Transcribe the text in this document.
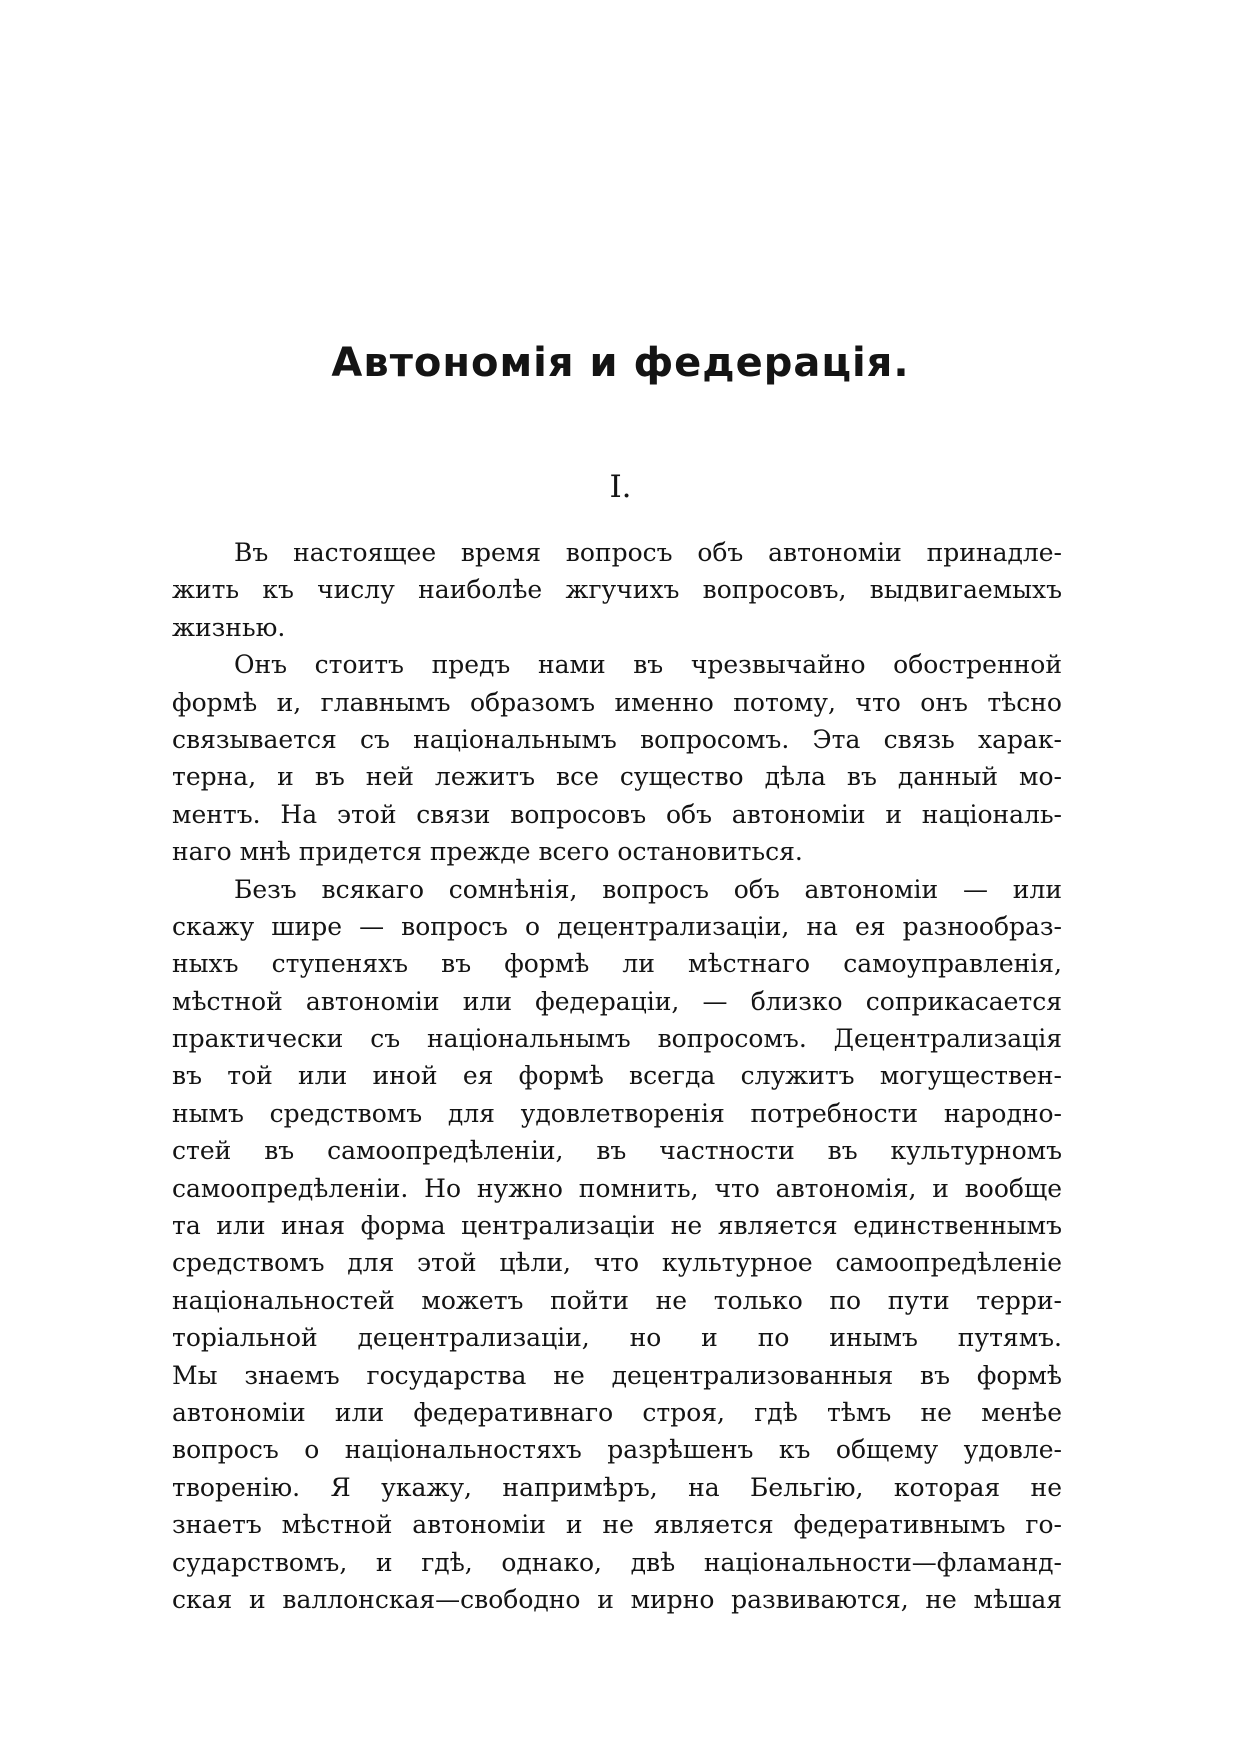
Автономія и федерація.
I.
Въ настоящее время вопросъ объ автономіи принадле-
жить къ числу наиболѣе жгучихъ вопросовъ, выдвигаемыхъ
жизнью.
Онъ стоитъ предъ нами въ чрезвычайно обостренной
формѣ и, главнымъ образомъ именно потому, что онъ тѣсно
связывается съ національнымъ вопросомъ. Эта связь харак-
терна, и въ ней лежитъ все существо дѣла въ данный мо-
ментъ. На этой связи вопросовъ объ автономіи и національ-
наго мнѣ придется прежде всего остановиться.
Безъ всякаго сомнѣнія, вопросъ объ автономіи — или
скажу шире — вопросъ о децентрализаціи, на ея разнообраз-
ныхъ ступеняхъ въ формѣ ли мѣстнаго самоуправленія,
мѣстной автономіи или федераціи, — близко соприкасается
практически съ національнымъ вопросомъ. Децентрализація
въ той или иной ея формѣ всегда служитъ могуществен-
нымъ средствомъ для удовлетворенія потребности народно-
стей въ самоопредѣленіи, въ частности въ культурномъ
самоопредѣленіи. Но нужно помнить, что автономія, и вообще
та или иная форма централизаціи не является единственнымъ
средствомъ для этой цѣли, что культурное самоопредѣленіе
національностей можетъ пойти не только по пути терри-
торіальной децентрализаціи, но и по инымъ путямъ.
Мы знаемъ государства не децентрализованныя въ формѣ
автономіи или федеративнаго строя, гдѣ тѣмъ не менѣе
вопросъ о національностяхъ разрѣшенъ къ общему удовле-
творенію. Я укажу, напримѣръ, на Бельгію, которая не
знаетъ мѣстной автономіи и не является федеративнымъ го-
сударствомъ, и гдѣ, однако, двѣ національности—фламанд-
ская и валлонская—свободно и мирно развиваются, не мѣшая
